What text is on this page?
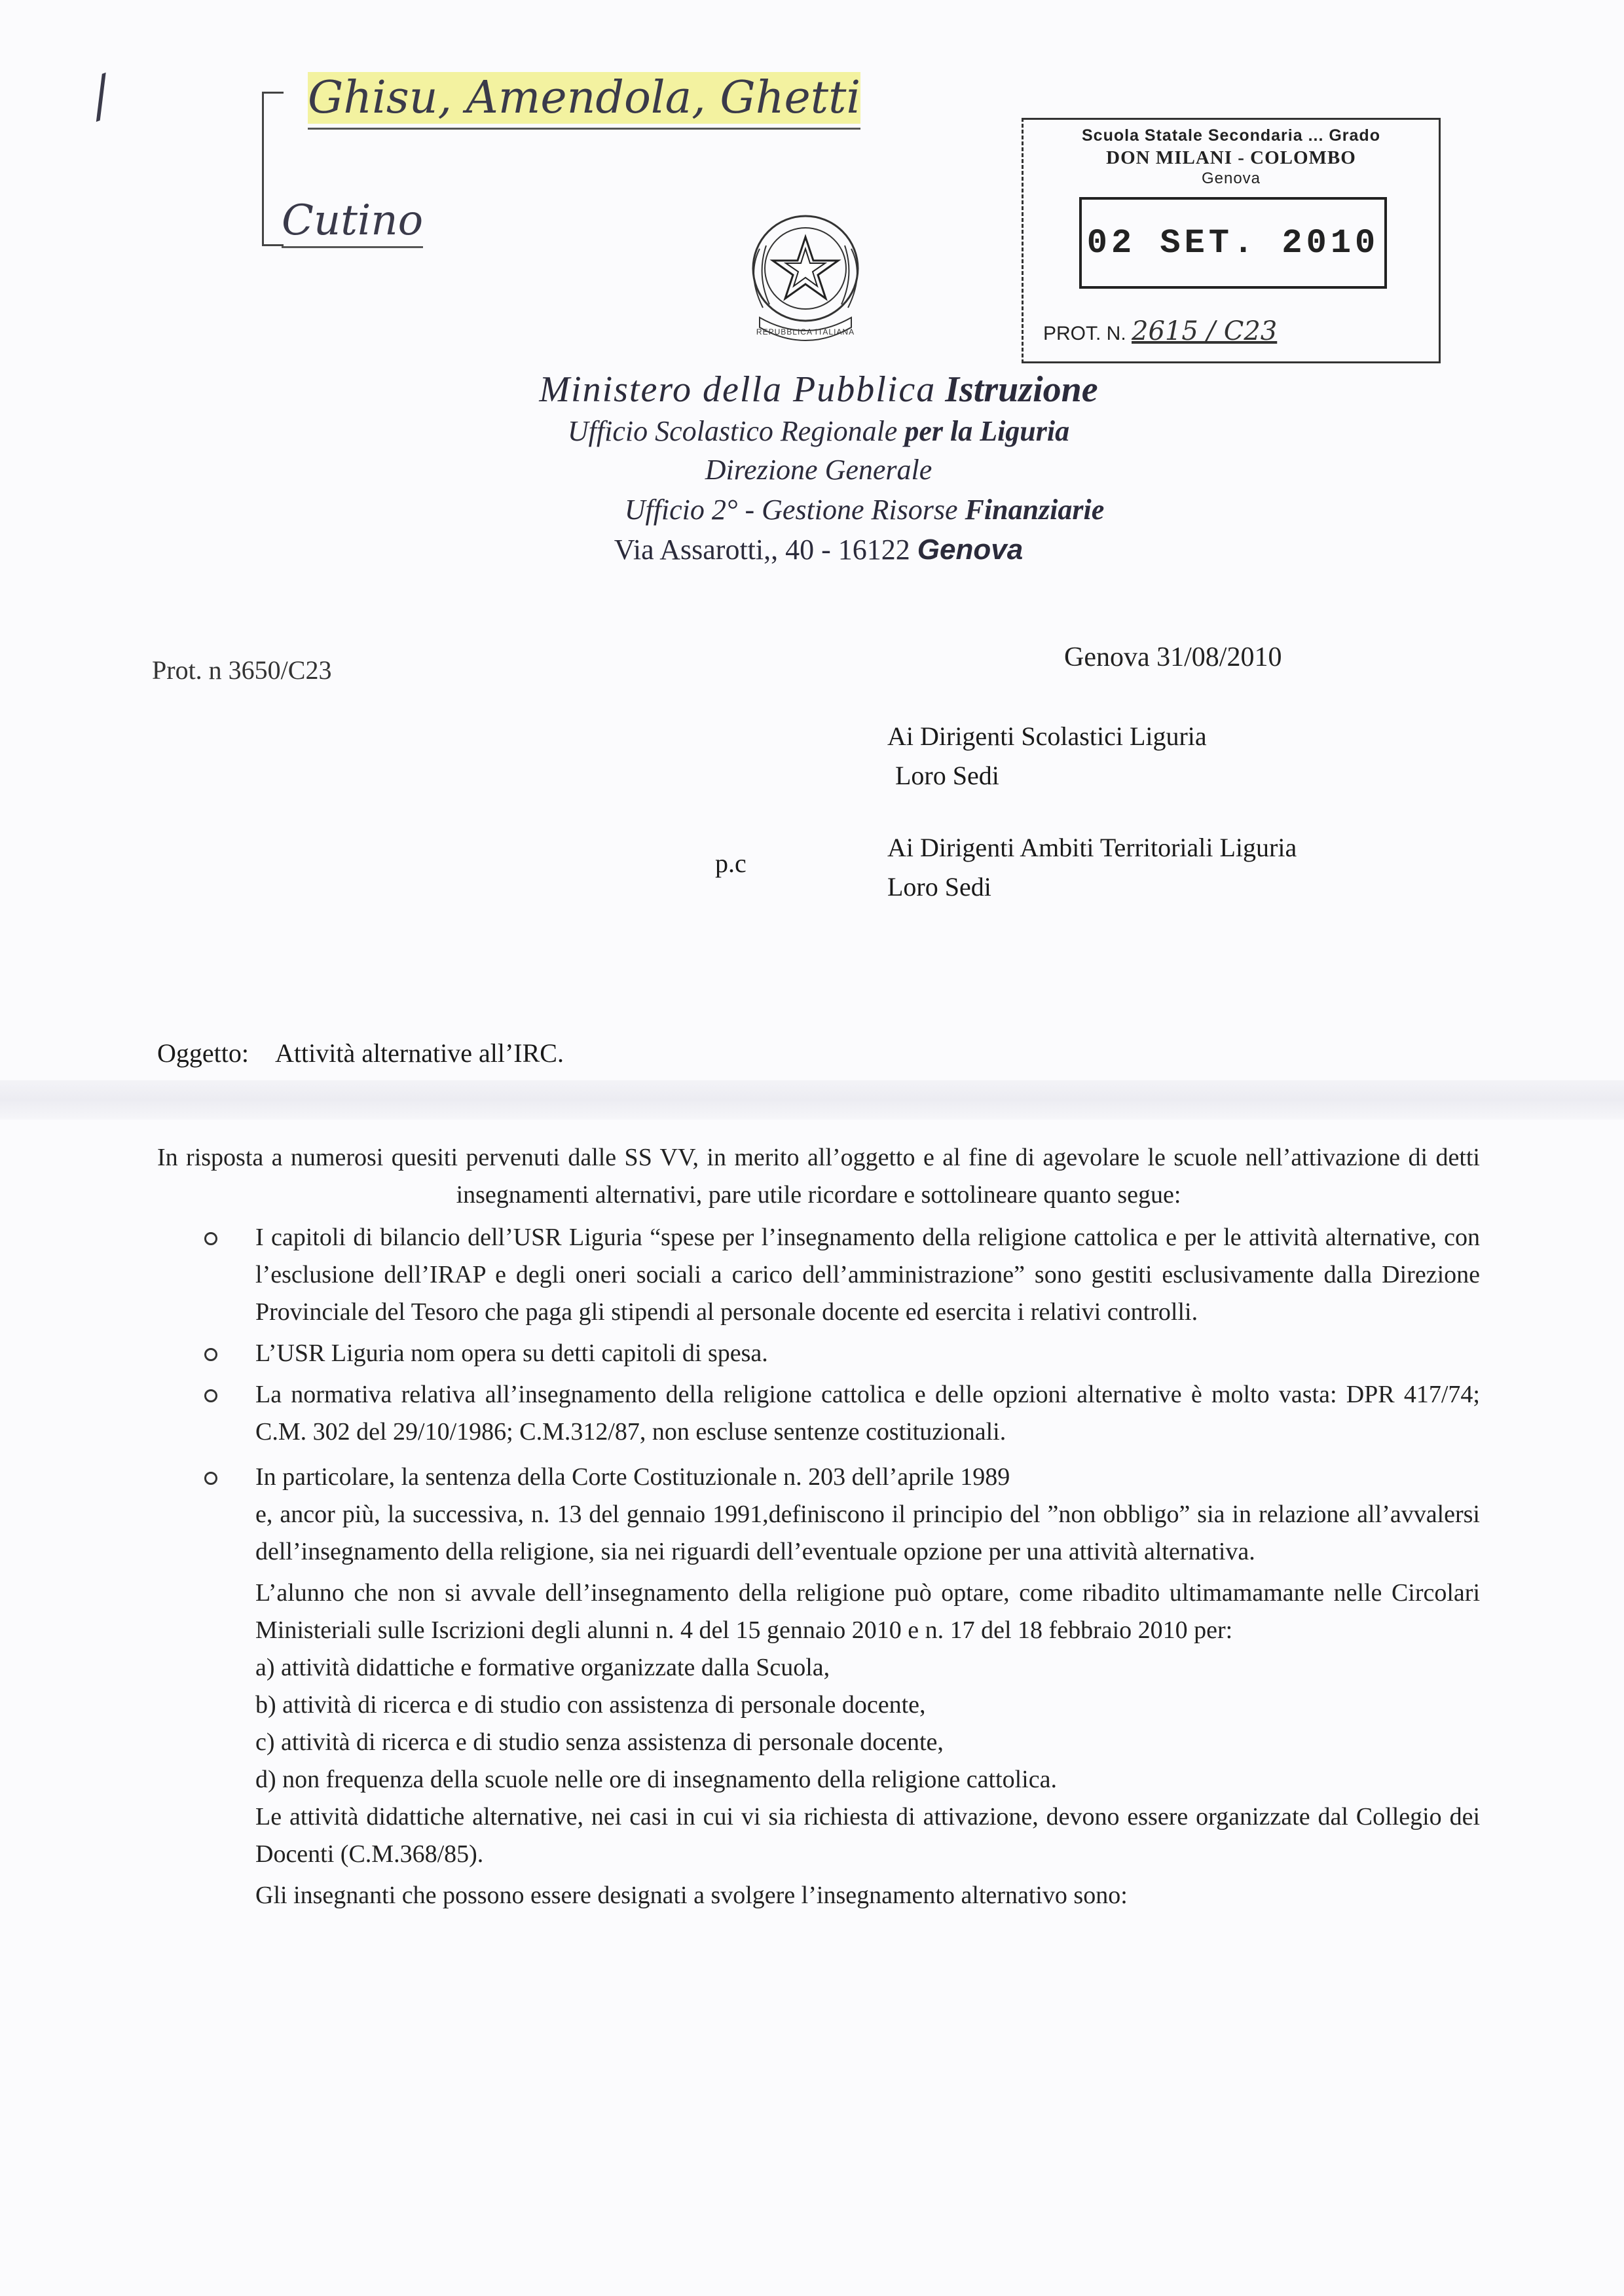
/	Ghisu, Amendola, Ghetti
Cutino
REPUBBLICA ITALIANA
Scuola Statale Secondaria ... Grado
DON MILANI - COLOMBO
Genova
02 SET. 2010
PROT. N. 2615 / C23
Ministero della Pubblica Istruzione
Ufficio Scolastico Regionale per la Liguria
Direzione Generale
Ufficio 2° - Gestione Risorse Finanziarie
Via Assarotti,, 40 - 16122 Genova
Prot. n 3650/C23	Genova 31/08/2010
Ai Dirigenti Scolastici Liguria
Loro Sedi
p.c
Ai Dirigenti Ambiti Territoriali Liguria
Loro Sedi
Oggetto: Attività alternative all’IRC.

In risposta a numerosi quesiti pervenuti dalle SS VV, in merito all’oggetto e al fine di agevolare le scuole nell’attivazione di detti insegnamenti alternativi, pare utile ricordare e sottolineare quanto segue:

I capitoli di bilancio dell’USR Liguria “spese per l’insegnamento della religione cattolica e per le attività alternative, con l’esclusione dell’IRAP e degli oneri sociali a carico dell’amministrazione” sono gestiti esclusivamente dalla Direzione Provinciale del Tesoro che paga gli stipendi al personale docente ed esercita i relativi controlli.
L’USR Liguria nom opera su detti capitoli di spesa.
La normativa relativa all’insegnamento della religione cattolica e delle opzioni alternative è molto vasta: DPR 417/74; C.M. 302 del 29/10/1986; C.M.312/87, non escluse sentenze costituzionali.
In particolare, la sentenza della Corte Costituzionale n. 203 dell’aprile 1989
e, ancor più, la successiva, n. 13 del gennaio 1991,definiscono il principio del ”non obbligo” sia in relazione all’avvalersi dell’insegnamento della religione, sia nei riguardi dell’eventuale opzione per una attività alternativa.
L’alunno che non si avvale dell’insegnamento della religione può optare, come ribadito ultimamamante nelle Circolari Ministeriali sulle Iscrizioni degli alunni n. 4 del 15 gennaio 2010 e n. 17 del 18 febbraio 2010 per:
a) attività didattiche e formative organizzate dalla Scuola,
b) attività di ricerca e di studio con assistenza di personale docente,
c) attività di ricerca e di studio senza assistenza di personale docente,
d) non frequenza della scuole nelle ore di insegnamento della religione cattolica.
Le attività didattiche alternative, nei casi in cui vi sia richiesta di attivazione, devono essere organizzate dal Collegio dei Docenti (C.M.368/85).
Gli insegnanti che possono essere designati a svolgere l’insegnamento alternativo sono:
